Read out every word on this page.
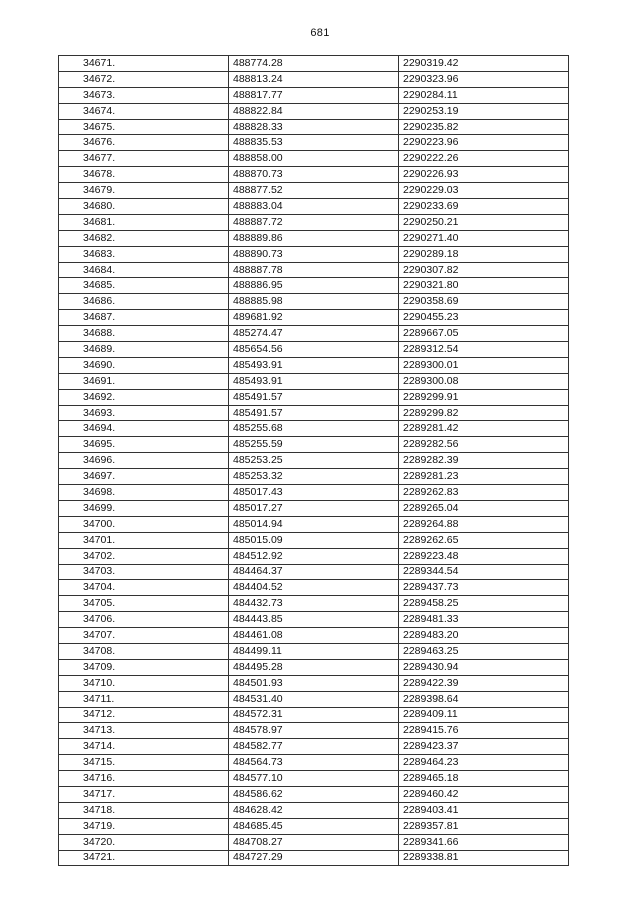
681
34671.	488774.28	2290319.42
34672.	488813.24	2290323.96
34673.	488817.77	2290284.11
34674.	488822.84	2290253.19
34675.	488828.33	2290235.82
34676.	488835.53	2290223.96
34677.	488858.00	2290222.26
34678.	488870.73	2290226.93
34679.	488877.52	2290229.03
34680.	488883.04	2290233.69
34681.	488887.72	2290250.21
34682.	488889.86	2290271.40
34683.	488890.73	2290289.18
34684.	488887.78	2290307.82
34685.	488886.95	2290321.80
34686.	488885.98	2290358.69
34687.	489681.92	2290455.23
34688.	485274.47	2289667.05
34689.	485654.56	2289312.54
34690.	485493.91	2289300.01
34691.	485493.91	2289300.08
34692.	485491.57	2289299.91
34693.	485491.57	2289299.82
34694.	485255.68	2289281.42
34695.	485255.59	2289282.56
34696.	485253.25	2289282.39
34697.	485253.32	2289281.23
34698.	485017.43	2289262.83
34699.	485017.27	2289265.04
34700.	485014.94	2289264.88
34701.	485015.09	2289262.65
34702.	484512.92	2289223.48
34703.	484464.37	2289344.54
34704.	484404.52	2289437.73
34705.	484432.73	2289458.25
34706.	484443.85	2289481.33
34707.	484461.08	2289483.20
34708.	484499.11	2289463.25
34709.	484495.28	2289430.94
34710.	484501.93	2289422.39
34711.	484531.40	2289398.64
34712.	484572.31	2289409.11
34713.	484578.97	2289415.76
34714.	484582.77	2289423.37
34715.	484564.73	2289464.23
34716.	484577.10	2289465.18
34717.	484586.62	2289460.42
34718.	484628.42	2289403.41
34719.	484685.45	2289357.81
34720.	484708.27	2289341.66
34721.	484727.29	2289338.81
